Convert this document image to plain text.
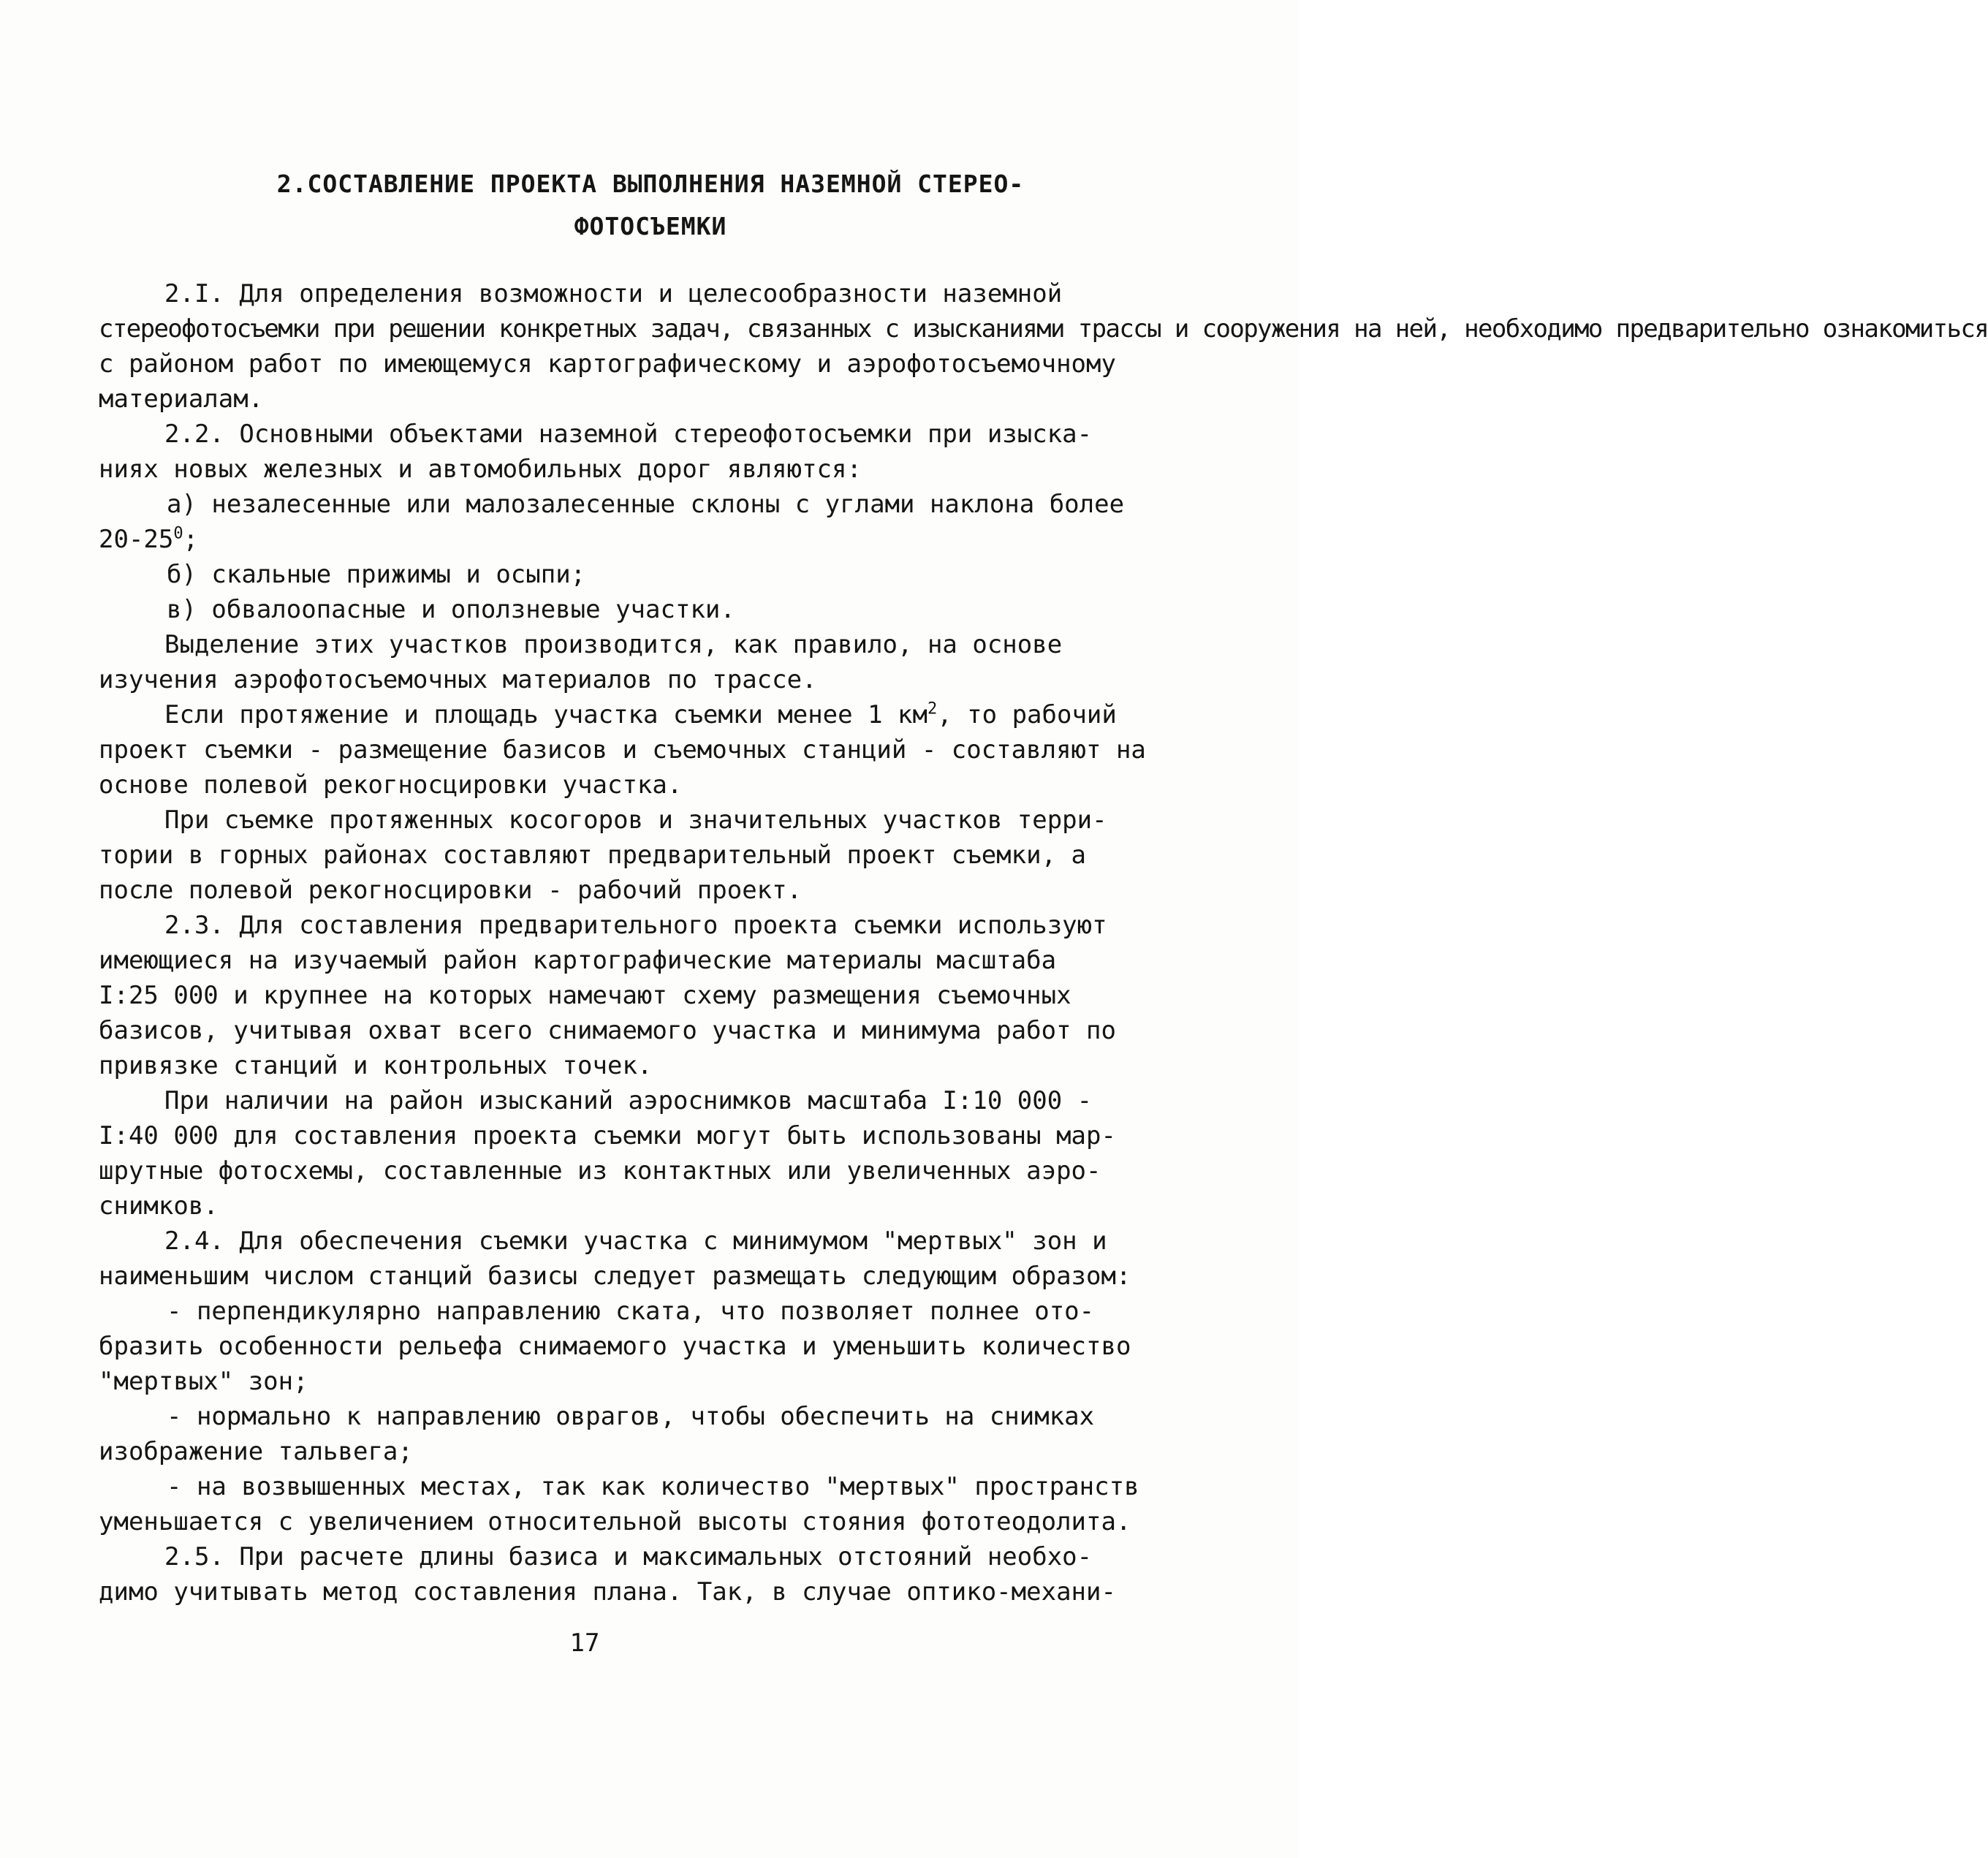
2.СОСТАВЛЕНИЕ ПРОЕКТА ВЫПОЛНЕНИЯ НАЗЕМНОЙ СТЕРЕО-
ФОТОСЪЕМКИ
2.I. Для определения возможности и целесообразности наземной
стереофотосъемки при решении конкретных задач, связанных с изысканиями трассы и сооружения на ней, необходимо предварительно ознакомиться
с районом работ по имеющемуся картографическому и аэрофотосъемочному
материалам.
2.2. Основными объектами наземной стереофотосъемки при изыска-
ниях новых железных и автомобильных дорог являются:
а) незалесенные или малозалесенные склоны с углами наклона более
$20-25^0$;
б) скальные прижимы и осыпи;
в) обвалоопасные и оползневые участки.
Выделение этих участков производится, как правило, на основе
изучения аэрофотосъемочных материалов по трассе.
Если протяжение и площадь участка съемки менее 1 $км^2$, то рабочий
проект съемки - размещение базисов и съемочных станций - составляют на
основе полевой рекогносцировки участка.
При съемке протяженных косогоров и значительных участков терри-
тории в горных районах составляют предварительный проект съемки, а
после полевой рекогносцировки - рабочий проект.
2.3. Для составления предварительного проекта съемки используют
имеющиеся на изучаемый район картографические материалы масштаба
I:25 000 и крупнее на которых намечают схему размещения съемочных
базисов, учитывая охват всего снимаемого участка и минимума работ по
привязке станций и контрольных точек.
При наличии на район изысканий аэроснимков масштаба I:10 000 -
I:40 000 для составления проекта съемки могут быть использованы мар-
шрутные фотосхемы, составленные из контактных или увеличенных аэро-
снимков.
2.4. Для обеспечения съемки участка с минимумом "мертвых" зон и
наименьшим числом станций базисы следует размещать следующим образом:
- перпендикулярно направлению ската, что позволяет полнее ото-
бразить особенности рельефа снимаемого участка и уменьшить количество
"мертвых" зон;
- нормально к направлению оврагов, чтобы обеспечить на снимках
изображение тальвега;
- на возвышенных местах, так как количество "мертвых" пространств
уменьшается с увеличением относительной высоты стояния фототеодолита.
2.5. При расчете длины базиса и максимальных отстояний необхо-
димо учитывать метод составления плана. Так, в случае оптико-механи-
17
